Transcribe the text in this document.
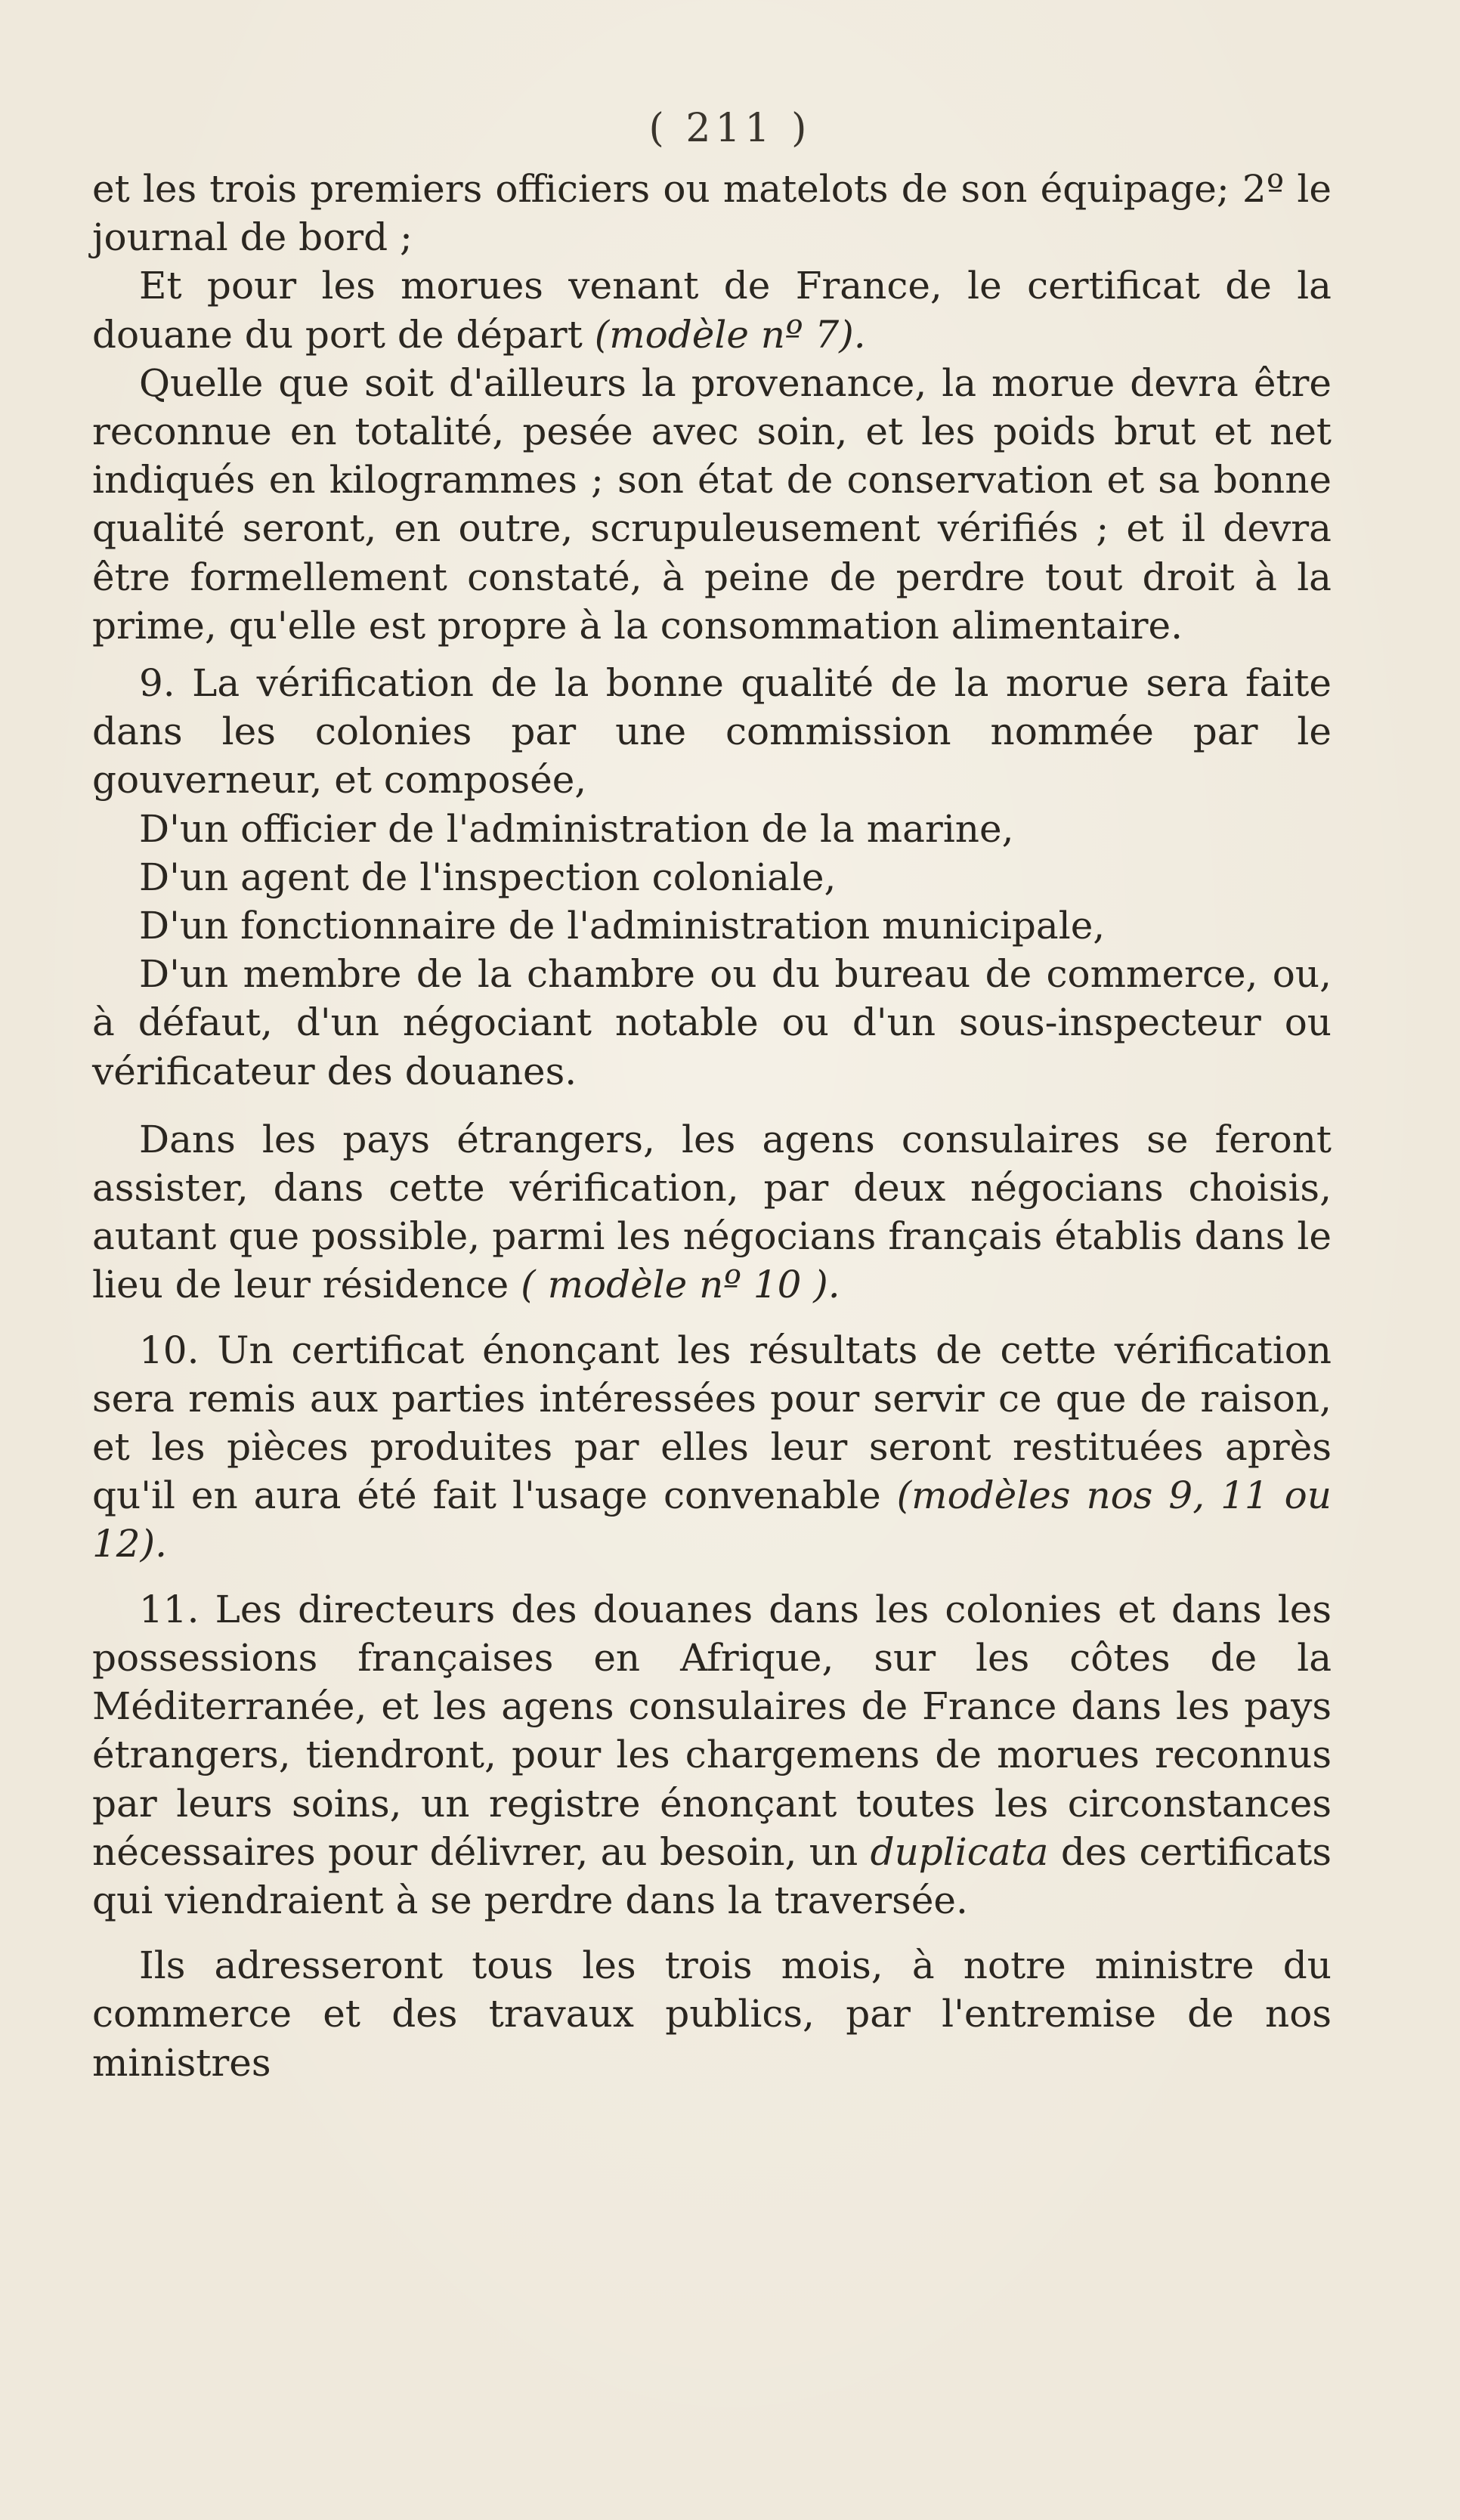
( 211 )

et les trois premiers officiers ou matelots de son équipage; 2º le journal de bord ;

Et pour les morues venant de France, le certificat de la douane du port de départ (modèle nº 7).

Quelle que soit d'ailleurs la provenance, la morue devra être reconnue en totalité, pesée avec soin, et les poids brut et net indiqués en kilogrammes ; son état de conservation et sa bonne qualité seront, en outre, scrupuleusement vérifiés ; et il devra être formellement constaté, à peine de perdre tout droit à la prime, qu'elle est propre à la consommation alimentaire.

9. La vérification de la bonne qualité de la morue sera faite dans les colonies par une commission nommée par le gouverneur, et composée,

D'un officier de l'administration de la marine,

D'un agent de l'inspection coloniale,

D'un fonctionnaire de l'administration municipale,

D'un membre de la chambre ou du bureau de commerce, ou, à défaut, d'un négociant notable ou d'un sous-inspecteur ou vérificateur des douanes.

Dans les pays étrangers, les agens consulaires se feront assister, dans cette vérification, par deux négocians choisis, autant que possible, parmi les négocians français établis dans le lieu de leur résidence ( modèle nº 10 ).

10. Un certificat énonçant les résultats de cette vérification sera remis aux parties intéressées pour servir ce que de raison, et les pièces produites par elles leur seront restituées après qu'il en aura été fait l'usage convenable (modèles nos 9, 11 ou 12).

11. Les directeurs des douanes dans les colonies et dans les possessions françaises en Afrique, sur les côtes de la Méditerranée, et les agens consulaires de France dans les pays étrangers, tiendront, pour les chargemens de morues reconnus par leurs soins, un registre énonçant toutes les circonstances nécessaires pour délivrer, au besoin, un duplicata des certificats qui viendraient à se perdre dans la traversée.

Ils adresseront tous les trois mois, à notre ministre du commerce et des travaux publics, par l'entremise de nos ministres
